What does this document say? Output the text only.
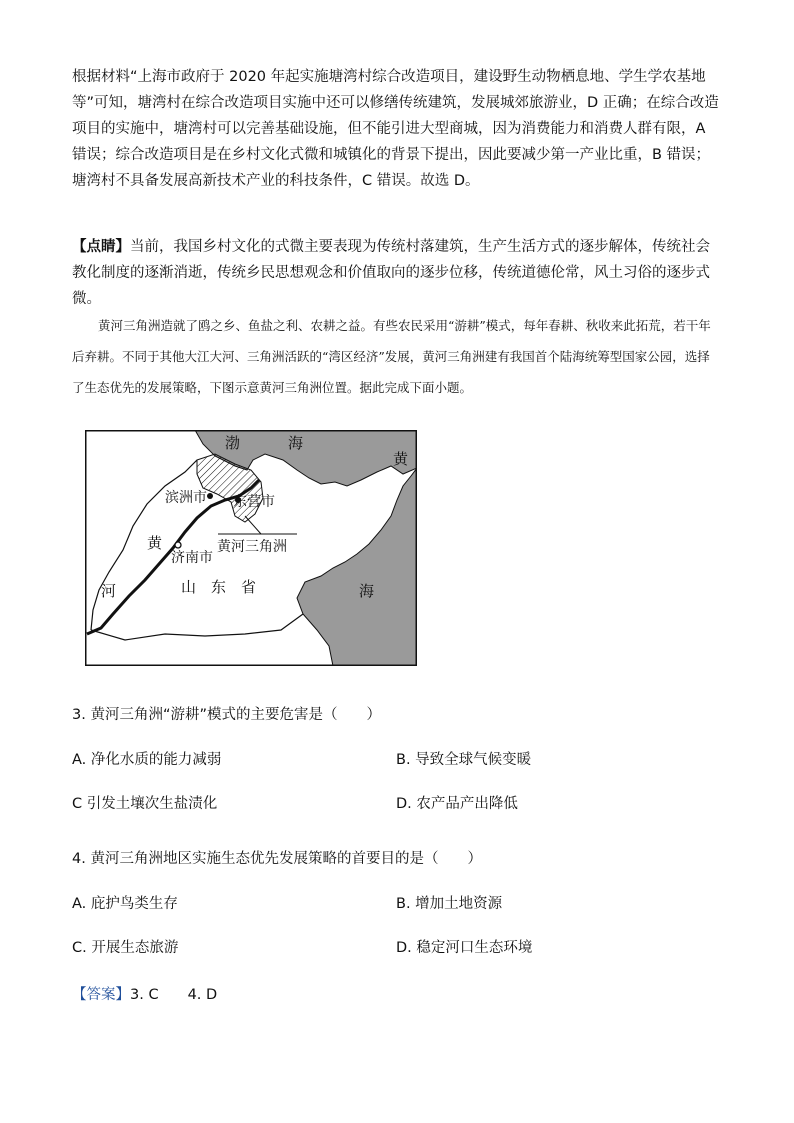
根据材料“上海市政府于 2020 年起实施塘湾村综合改造项目，建设野生动物栖息地、学生学农基地等”可知，塘湾村在综合改造项目实施中还可以修缮传统建筑，发展城郊旅游业，D 正确；在综合改造项目的实施中，塘湾村可以完善基础设施，但不能引进大型商城，因为消费能力和消费人群有限，A 错误；综合改造项目是在乡村文化式微和城镇化的背景下提出，因此要减少第一产业比重，B 错误；塘湾村不具备发展高新技术产业的科技条件，C 错误。故选 D。
【点睛】当前，我国乡村文化的式微主要表现为传统村落建筑，生产生活方式的逐步解体，传统社会教化制度的逐渐消逝，传统乡民思想观念和价值取向的逐步位移，传统道德伦常，风土习俗的逐步式微。
黄河三角洲造就了鸥之乡、鱼盐之利、农耕之益。有些农民采用“游耕”模式，每年春耕、秋收来此拓荒，若干年后弃耕。不同于其他大江大河、三角洲活跃的“湾区经济”发展，黄河三角洲建有我国首个陆海统筹型国家公园，选择了生态优先的发展策略，下图示意黄河三角洲位置。据此完成下面小题。
渤	海
黄
海
滨洲市 东营市
济南市
黄河三角洲
黄
河	山　东　省
3. 黄河三角洲“游耕”模式的主要危害是（　　）
A. 净化水质的能力减弱	B. 导致全球气候变暖
C 引发土壤次生盐渍化	D. 农产品产出降低
4. 黄河三角洲地区实施生态优先发展策略的首要目的是（　　）
A. 庇护鸟类生存	B. 增加土地资源
C. 开展生态旅游	D. 稳定河口生态环境
【答案】3. C　　4. D
